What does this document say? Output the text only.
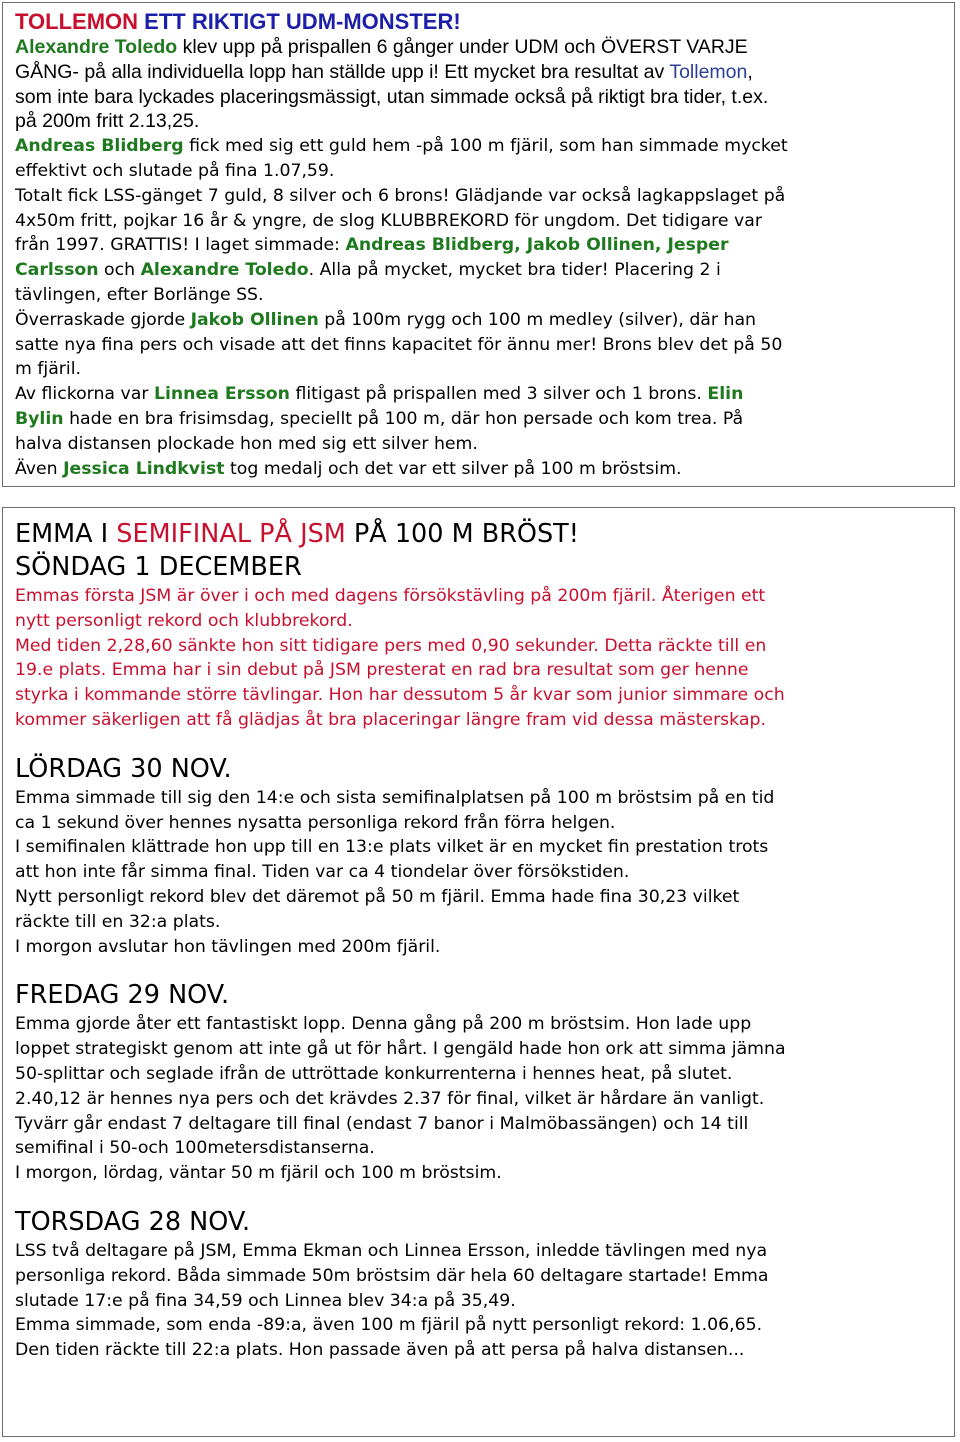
TOLLEMON ETT RIKTIGT UDM-MONSTER!

Alexandre Toledo klev upp på prispallen 6 gånger under UDM och ÖVERST VARJE

GÅNG- på alla individuella lopp han ställde upp i! Ett mycket bra resultat av Tollemon,

som inte bara lyckades placeringsmässigt, utan simmade också på riktigt bra tider, t.ex.

på 200m fritt 2.13,25.

Andreas Blidberg fick med sig ett guld hem -på 100 m fjäril, som han simmade mycket

effektivt och slutade på fina 1.07,59.

Totalt fick LSS-gänget 7 guld, 8 silver och 6 brons! Glädjande var också lagkappslaget på

4x50m fritt, pojkar 16 år & yngre, de slog KLUBBREKORD för ungdom. Det tidigare var

från 1997. GRATTIS! I laget simmade: Andreas Blidberg, Jakob Ollinen, Jesper

Carlsson och Alexandre Toledo. Alla på mycket, mycket bra tider! Placering 2 i

tävlingen, efter Borlänge SS.

Överraskade gjorde Jakob Ollinen på 100m rygg och 100 m medley (silver), där han

satte nya fina pers och visade att det finns kapacitet för ännu mer! Brons blev det på 50

m fjäril.

Av flickorna var Linnea Ersson flitigast på prispallen med 3 silver och 1 brons. Elin

Bylin hade en bra frisimsdag, speciellt på 100 m, där hon persade och kom trea. På

halva distansen plockade hon med sig ett silver hem.

Även Jessica Lindkvist tog medalj och det var ett silver på 100 m bröstsim.

EMMA I SEMIFINAL PÅ JSM PÅ 100 M BRÖST!

SÖNDAG 1 DECEMBER

Emmas första JSM är över i och med dagens försökstävling på 200m fjäril. Återigen ett

nytt personligt rekord och klubbrekord.

Med tiden 2,28,60 sänkte hon sitt tidigare pers med 0,90 sekunder. Detta räckte till en

19.e plats. Emma har i sin debut på JSM presterat en rad bra resultat som ger henne

styrka i kommande större tävlingar. Hon har dessutom 5 år kvar som junior simmare och

kommer säkerligen att få glädjas åt bra placeringar längre fram vid dessa mästerskap.

LÖRDAG 30 NOV.

Emma simmade till sig den 14:e och sista semifinalplatsen på 100 m bröstsim på en tid

ca 1 sekund över hennes nysatta personliga rekord från förra helgen.

I semifinalen klättrade hon upp till en 13:e plats vilket är en mycket fin prestation trots

att hon inte får simma final. Tiden var ca 4 tiondelar över försökstiden.

Nytt personligt rekord blev det däremot på 50 m fjäril. Emma hade fina 30,23 vilket

räckte till en 32:a plats.

I morgon avslutar hon tävlingen med 200m fjäril.

FREDAG 29 NOV.

Emma gjorde åter ett fantastiskt lopp. Denna gång på 200 m bröstsim. Hon lade upp

loppet strategiskt genom att inte gå ut för hårt. I gengäld hade hon ork att simma jämna

50-splittar och seglade ifrån de uttröttade konkurrenterna i hennes heat, på slutet.

2.40,12 är hennes nya pers och det krävdes 2.37 för final, vilket är hårdare än vanligt.

Tyvärr går endast 7 deltagare till final (endast 7 banor i Malmöbassängen) och 14 till

semifinal i 50-och 100metersdistanserna.

I morgon, lördag, väntar 50 m fjäril och 100 m bröstsim.

TORSDAG 28 NOV.

LSS två deltagare på JSM, Emma Ekman och Linnea Ersson, inledde tävlingen med nya

personliga rekord. Båda simmade 50m bröstsim där hela 60 deltagare startade! Emma

slutade 17:e på fina 34,59 och Linnea blev 34:a på 35,49.

Emma simmade, som enda -89:a, även 100 m fjäril på nytt personligt rekord: 1.06,65.

Den tiden räckte till 22:a plats. Hon passade även på att persa på halva distansen...
